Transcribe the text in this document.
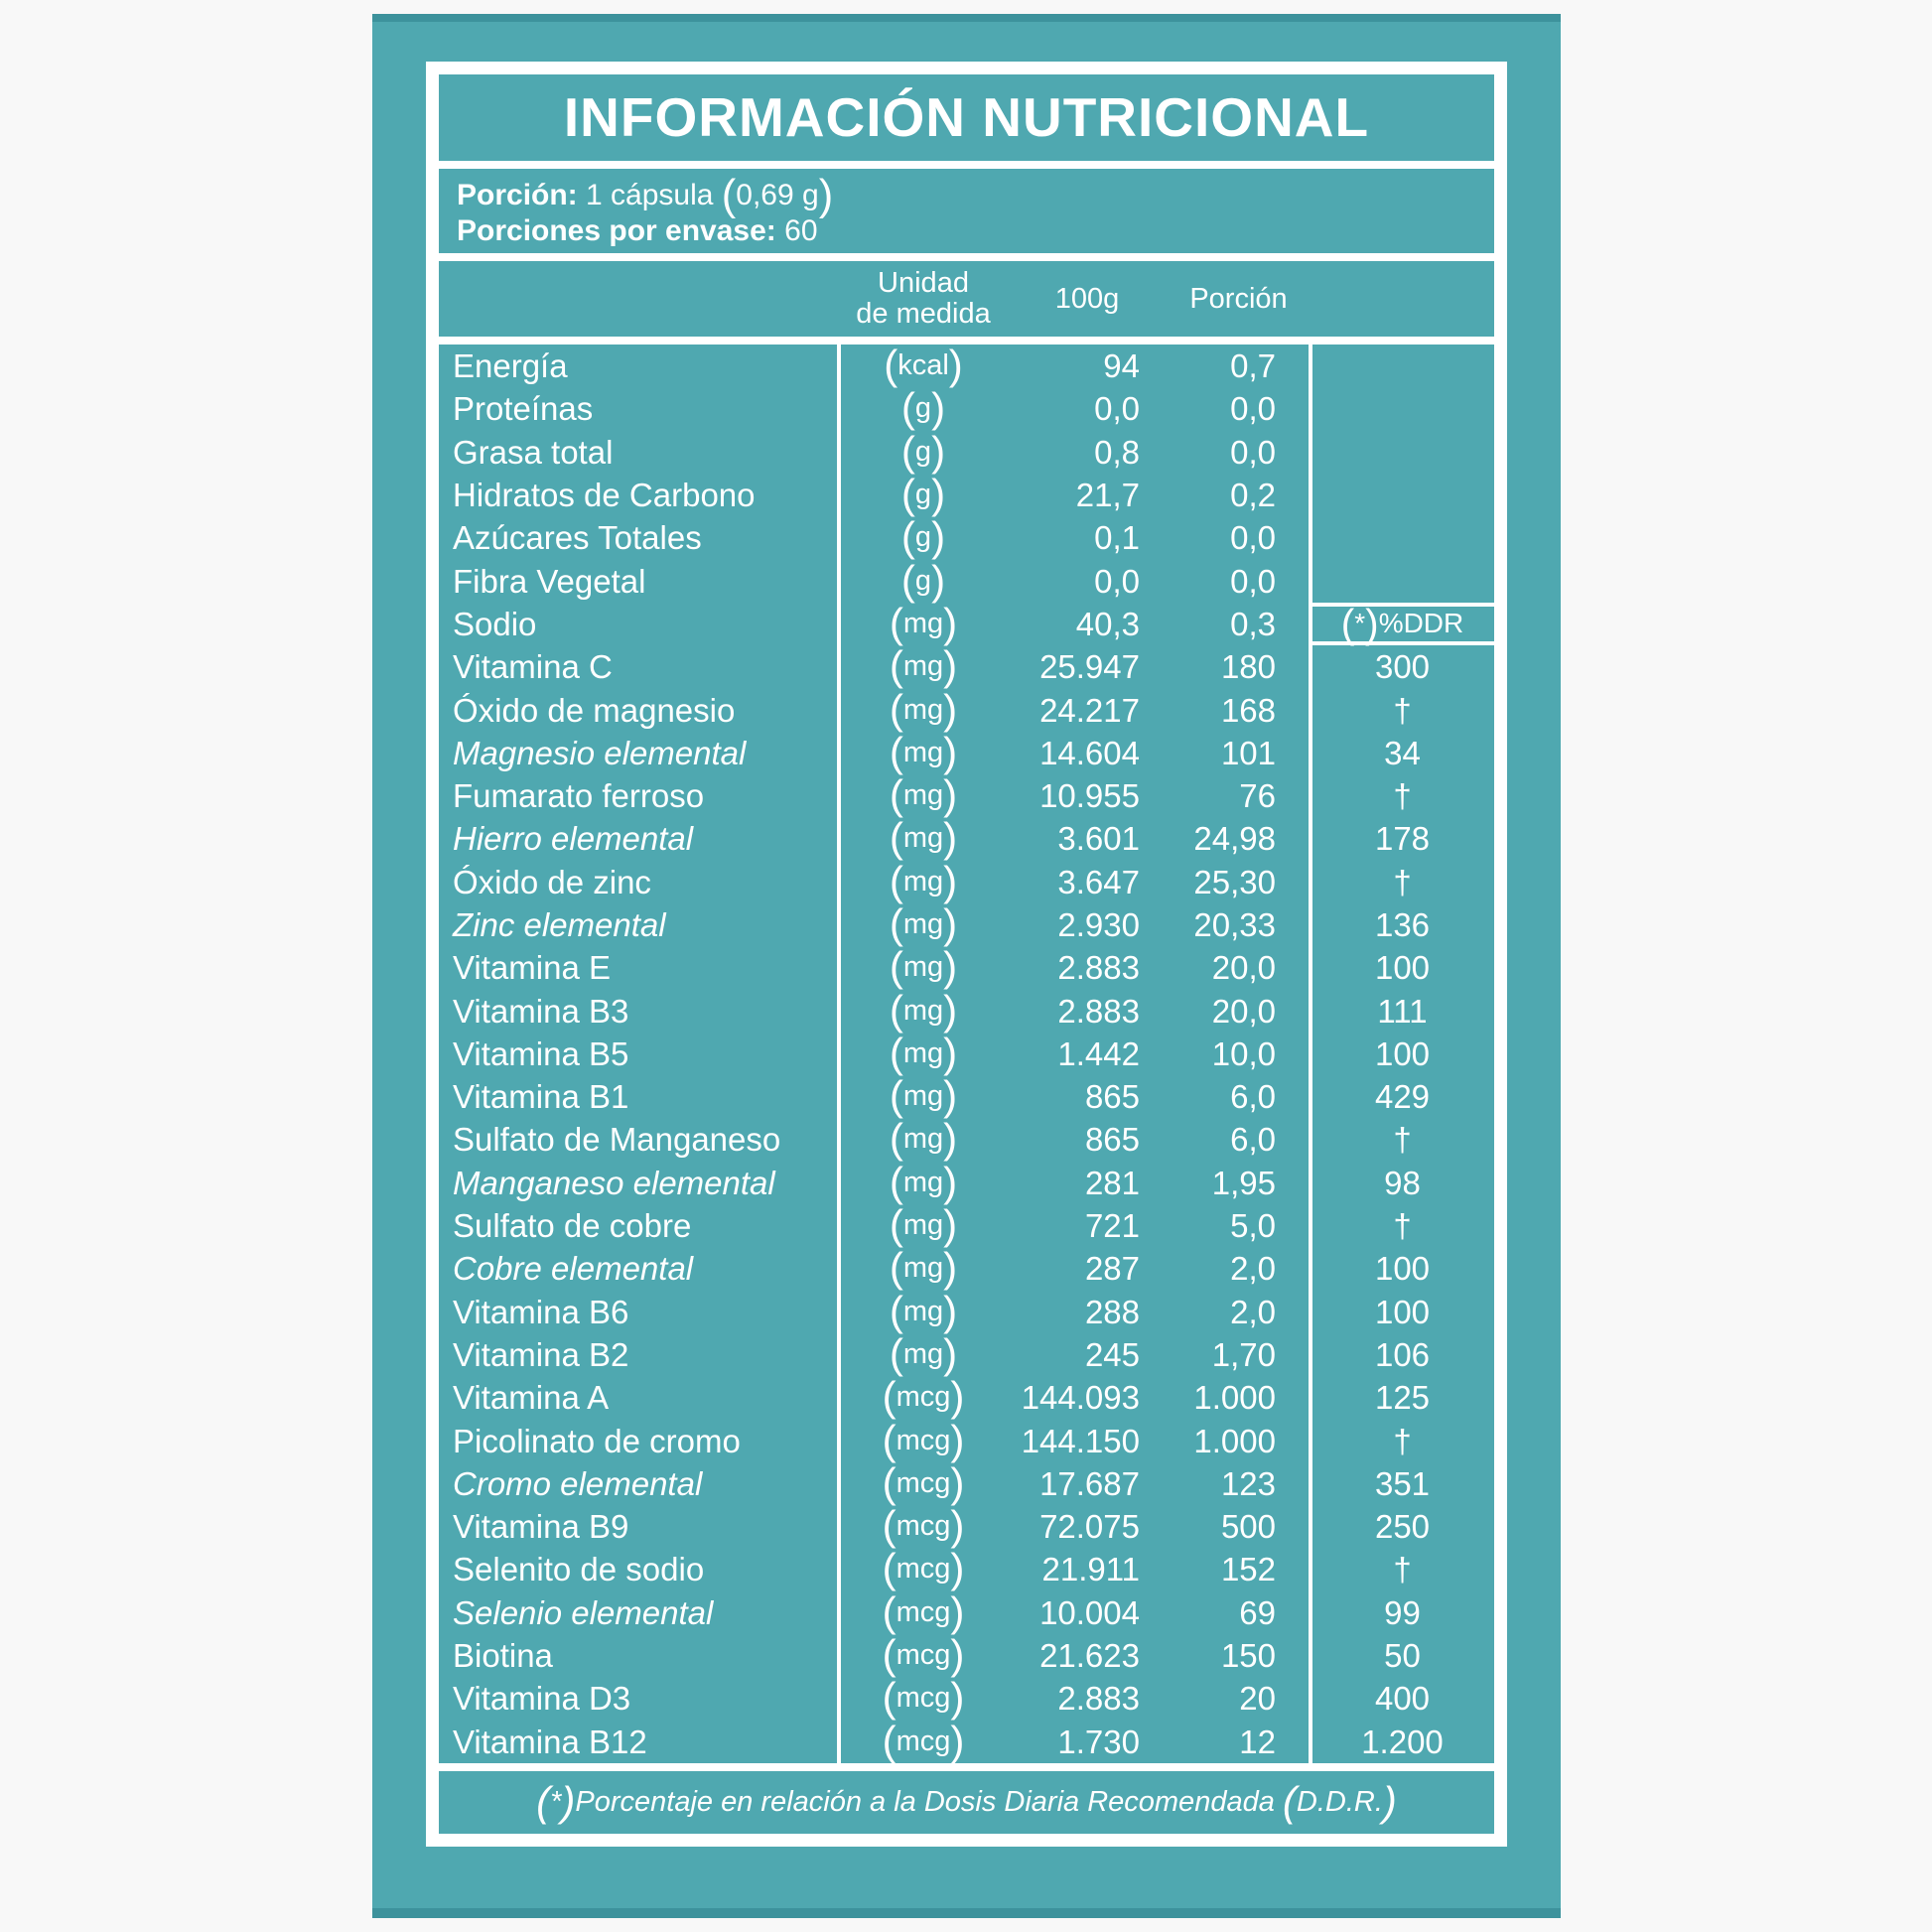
INFORMACIÓN NUTRICIONAL
Porción: 1 cápsula (0,69 g)
Porciones por envase: 60
Unidad
de medida	100g	Porción
Energía	(kcal)	94	0,7
Proteínas	(g)	0,0	0,0
Grasa total	(g)	0,8	0,0
Hidratos de Carbono	(g)	21,7	0,2
Azúcares Totales	(g)	0,1	0,0
Fibra Vegetal	(g)	0,0	0,0
Sodio	(mg)	40,3	0,3	( * ) %DDR
Vitamina C	(mg)	25.947	180	300
Óxido de magnesio	(mg)	24.217	168	†
Magnesio elemental	(mg)	14.604	101	34
Fumarato ferroso	(mg)	10.955	76	†
Hierro elemental	(mg)	3.601	24,98	178
Óxido de zinc	(mg)	3.647	25,30	†
Zinc elemental	(mg)	2.930	20,33	136
Vitamina E	(mg)	2.883	20,0	100
Vitamina B3	(mg)	2.883	20,0	111
Vitamina B5	(mg)	1.442	10,0	100
Vitamina B1	(mg)	865	6,0	429
Sulfato de Manganeso	(mg)	865	6,0	†
Manganeso elemental	(mg)	281	1,95	98
Sulfato de cobre	(mg)	721	5,0	†
Cobre elemental	(mg)	287	2,0	100
Vitamina B6	(mg)	288	2,0	100
Vitamina B2	(mg)	245	1,70	106
Vitamina A	(mcg)	144.093	1.000	125
Picolinato de cromo	(mcg)	144.150	1.000	†
Cromo elemental	(mcg)	17.687	123	351
Vitamina B9	(mcg)	72.075	500	250
Selenito de sodio	(mcg)	21.911	152	†
Selenio elemental	(mcg)	10.004	69	99
Biotina	(mcg)	21.623	150	50
Vitamina D3	(mcg)	2.883	20	400
Vitamina B12	(mcg)	1.730	12	1.200
(*)Porcentaje en relación a la Dosis Diaria Recomendada (D.D.R.)
